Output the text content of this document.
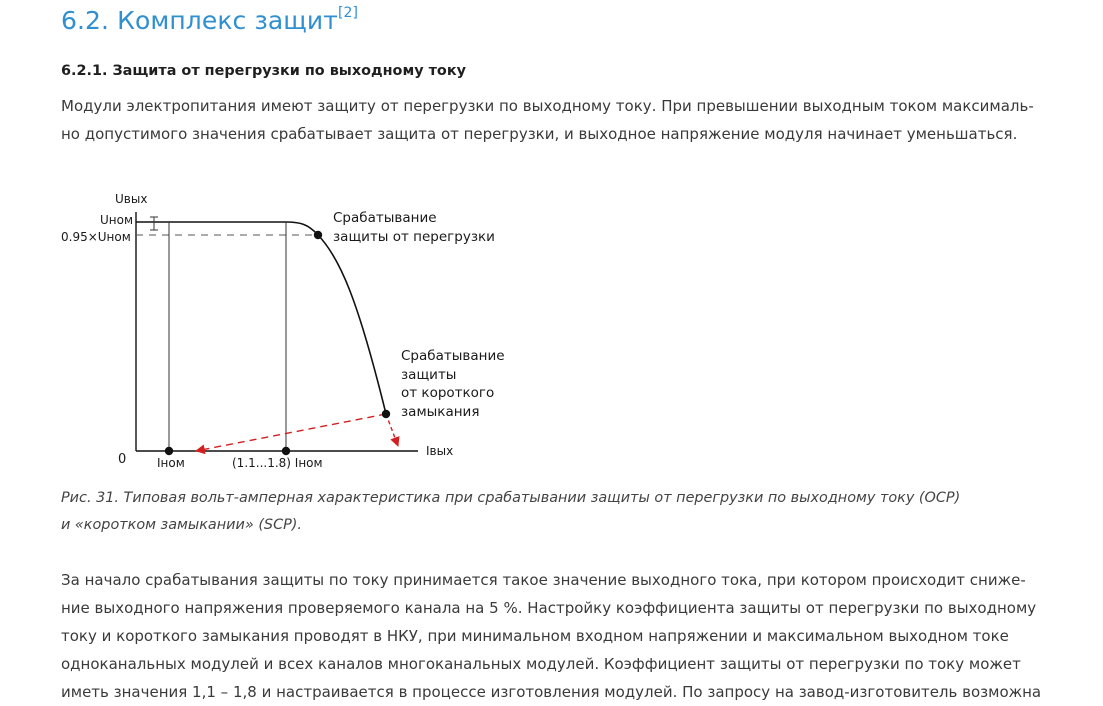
6.2. Комплекс защит[2]
6.2.1. Защита от перегрузки по выходному току

Модули электропитания имеют защиту от перегрузки по выходному току. При превышении выходным током максималь-
но допустимого значения срабатывает защита от перегрузки, и выходное напряжение модуля начинает уменьшаться.

Рис. 31. Типовая вольт-амперная характеристика при срабатывании защиты от перегрузки по выходному току (OCP)
и «коротком замыкании» (SCP).

За начало срабатывания защиты по току принимается такое значение выходного тока, при котором происходит сниже-
ние выходного напряжения проверяемого канала на 5 %. Настройку коэффициента защиты от перегрузки по выходному
току и короткого замыкания проводят в НКУ, при минимальном входном напряжении и максимальном выходном токе
одноканальных модулей и всех каналов многоканальных модулей. Коэффициент защиты от перегрузки по току может
иметь значения 1,1 – 1,8 и настраивается в процессе изготовления модулей. По запросу на завод-изготовитель возможна

Uвых
Uном
0.95×Uном
0
Iвых
Iном	(1.1...1.8) Iном
Срабатывание защиты от перегрузки
Срабатывание защиты от короткого замыкания
